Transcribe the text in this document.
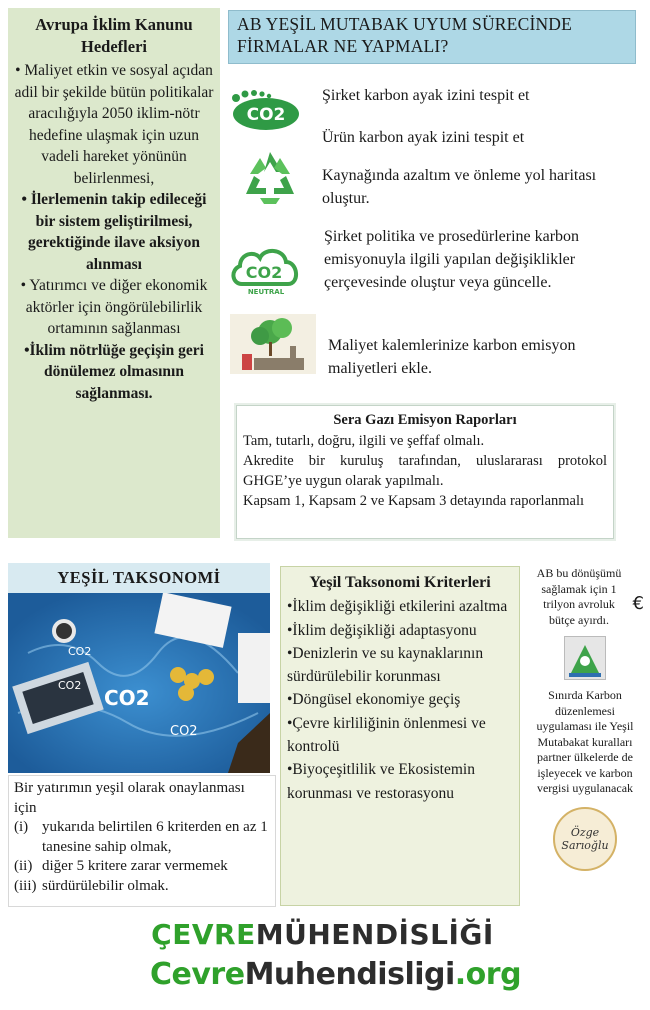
Avrupa İklim Kanunu Hedefleri

• Maliyet etkin ve sosyal açıdan adil bir şekilde bütün politikalar aracılığıyla 2050 iklim-nötr hedefine ulaşmak için uzun vadeli hareket yönünün belirlenmesi,

• İlerlemenin takip edileceği bir sistem geliştirilmesi, gerektiğinde ilave aksiyon alınması

• Yatırımcı ve diğer ekonomik aktörler için öngörülebilirlik ortamının sağlanması

•İklim nötrlüğe geçişin geri dönülemez olmasının sağlanması.

AB YEŞİL MUTABAK UYUM SÜRECİNDE FİRMALAR NE YAPMALI?
CO2
Şirket karbon ayak izini tespit et
Ürün karbon ayak izini tespit et
Kaynağında azaltım ve önleme yol haritası oluştur.
CO2
NEUTRAL
Şirket politika ve prosedürlerine karbon emisyonuyla ilgili yapılan değişiklikler çerçevesinde oluştur veya güncelle.
Maliyet kalemlerinize karbon emisyon maliyetleri ekle.
Sera Gazı Emisyon Raporları
Tam, tutarlı, doğru, ilgili ve şeffaf olmalı.
Akredite bir kuruluş tarafından, uluslararası protokol GHGE’ye uygun olarak yapılmalı.
Kapsam 1, Kapsam 2 ve Kapsam 3 detayında raporlanmalı
YEŞİL TAKSONOMİ
CO2
CO2
CO2
CO2
Bir yatırımın yeşil olarak onaylanması için
(i) yukarıda belirtilen 6 kriterden en az 1 tanesine sahip olmak,
(ii) diğer 5 kritere zarar vermemek
(iii) sürdürülebilir olmak.
Yeşil Taksonomi Kriterleri
•İklim değişikliği etkilerini azaltma
•İklim değişikliği adaptasyonu
•Denizlerin ve su kaynaklarının sürdürülebilir korunması
•Döngüsel ekonomiye geçiş
•Çevre kirliliğinin önlenmesi ve kontrolü
•Biyoçeşitlilik ve Ekosistemin korunması ve restorasyonu
AB bu dönüşümü sağlamak için 1 trilyon avroluk bütçe ayırdı.
€
Sınırda Karbon düzenlemesi uygulaması ile Yeşil Mutabakat kuralları partner ülkelerde de işleyecek ve karbon vergisi uygulanacak
Özge Sarıoğlu
ÇEVREMÜHENDİSLİĞİ
CevreMuhendisligi.org
